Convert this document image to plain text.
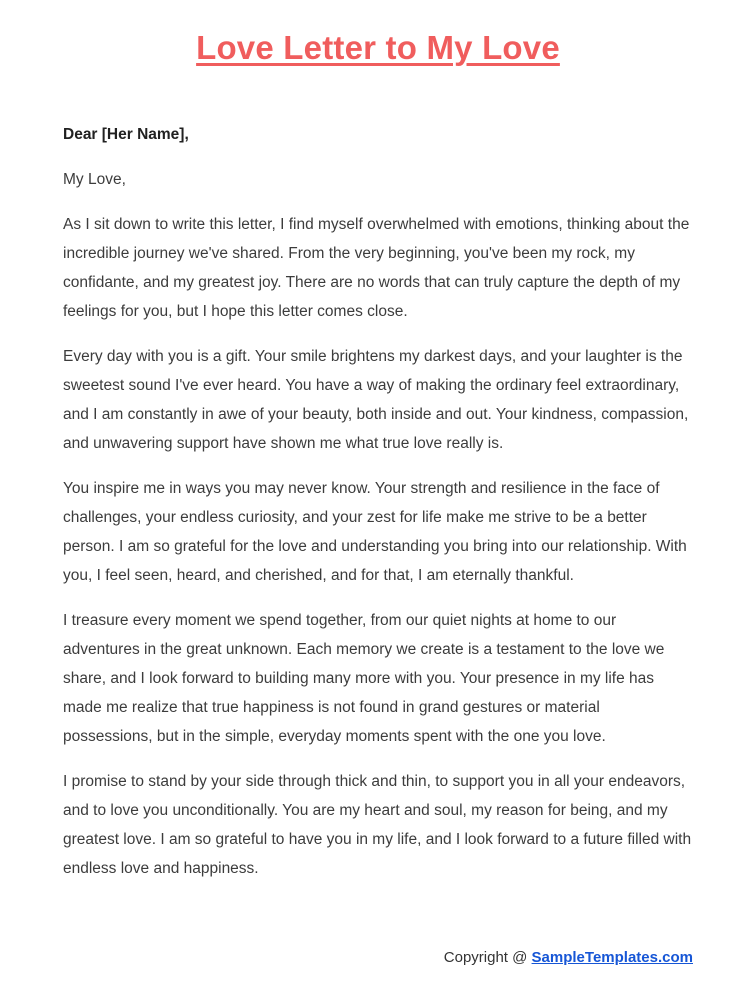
Love Letter to My Love
Dear [Her Name],
My Love,

As I sit down to write this letter, I find myself overwhelmed with emotions, thinking about the incredible journey we've shared. From the very beginning, you've been my rock, my confidante, and my greatest joy. There are no words that can truly capture the depth of my feelings for you, but I hope this letter comes close.

Every day with you is a gift. Your smile brightens my darkest days, and your laughter is the sweetest sound I've ever heard. You have a way of making the ordinary feel extraordinary, and I am constantly in awe of your beauty, both inside and out. Your kindness, compassion, and unwavering support have shown me what true love really is.

You inspire me in ways you may never know. Your strength and resilience in the face of challenges, your endless curiosity, and your zest for life make me strive to be a better person. I am so grateful for the love and understanding you bring into our relationship. With you, I feel seen, heard, and cherished, and for that, I am eternally thankful.

I treasure every moment we spend together, from our quiet nights at home to our adventures in the great unknown. Each memory we create is a testament to the love we share, and I look forward to building many more with you. Your presence in my life has made me realize that true happiness is not found in grand gestures or material possessions, but in the simple, everyday moments spent with the one you love.

I promise to stand by your side through thick and thin, to support you in all your endeavors, and to love you unconditionally. You are my heart and soul, my reason for being, and my greatest love. I am so grateful to have you in my life, and I look forward to a future filled with endless love and happiness.

Copyright @ SampleTemplates.com
